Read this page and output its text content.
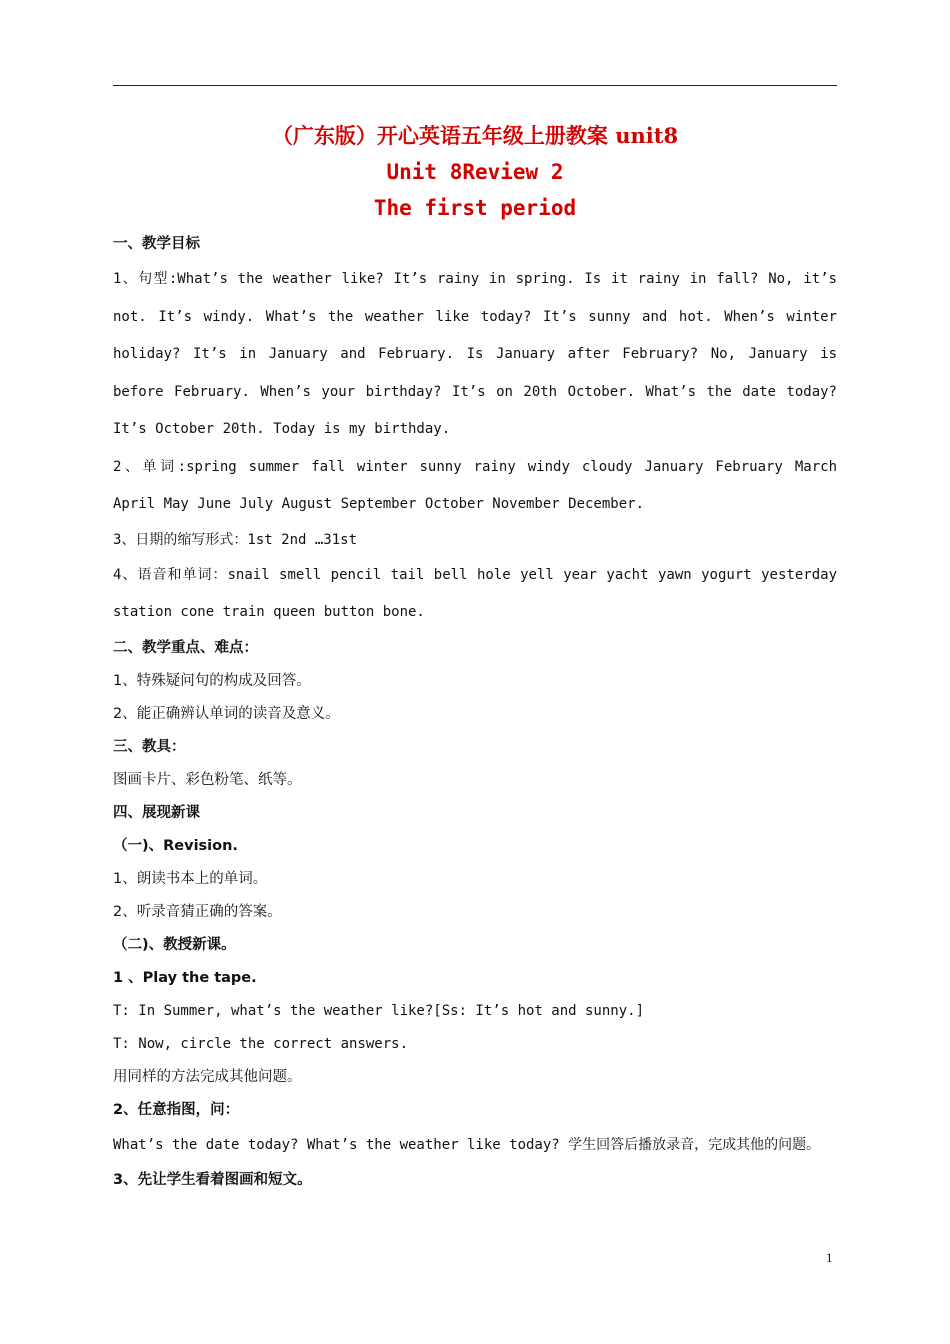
（广东版）开心英语五年级上册教案 unit8
Unit 8Review 2
The first period
一、教学目标
1、句型:What’s the weather like? It’s rainy in spring. Is it rainy in fall? No, it’s not. It’s windy. What’s the weather like today? It’s sunny and hot. When’s winter holiday? It’s in January and February. Is January after February? No, January is before February. When’s your birthday? It’s on 20th October. What’s the date today? It’s October 20th. Today is my birthday.
2、单词:spring summer fall winter sunny rainy windy cloudy January February March April May June July August September October November December.
3、日期的缩写形式：1st 2nd …31st
4、语音和单词：snail smell pencil tail bell hole yell year yacht yawn yogurt yesterday station cone train queen button bone.
二、教学重点、难点：
1、特殊疑问句的构成及回答。
2、能正确辨认单词的读音及意义。
三、教具：
图画卡片、彩色粉笔、纸等。
四、展现新课
（一)、Revision.
1、朗读书本上的单词。
2、听录音猜正确的答案。
（二)、教授新课。
1 、Play the tape.
T: In Summer, what’s the weather like?[Ss: It’s hot and sunny.]
T: Now, circle the correct answers.
用同样的方法完成其他问题。
2、任意指图，问：
What’s the date today? What’s the weather like today? 学生回答后播放录音，完成其他的问题。
3、先让学生看着图画和短文。
1
